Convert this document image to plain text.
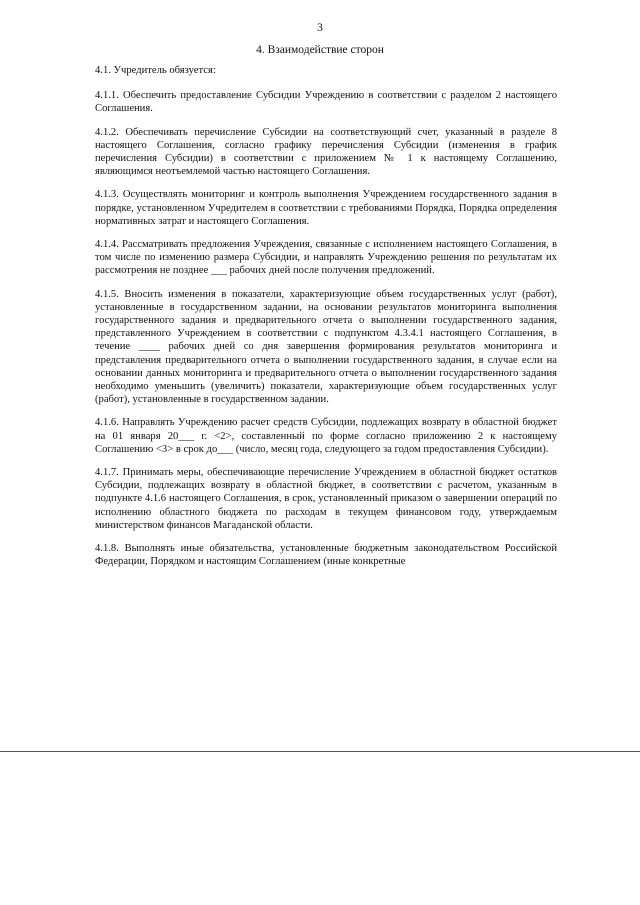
3
4. Взаимодействие сторон

4.1. Учредитель обязуется:

4.1.1. Обеспечить предоставление Субсидии Учреждению в соответствии с разделом 2 настоящего Соглашения.

4.1.2. Обеспечивать перечисление Субсидии на соответствующий счет, указанный в разделе 8 настоящего Соглашения, согласно графику перечисления Субсидии (изменения в график перечисления Субсидии) в соответствии с приложением № 1 к настоящему Соглашению, являющимся неотъемлемой частью настоящего Соглашения.

4.1.3. Осуществлять мониторинг и контроль выполнения Учреждением государственного задания в порядке, установленном Учредителем в соответствии с требованиями Порядка, Порядка определения нормативных затрат и настоящего Соглашения.

4.1.4. Рассматривать предложения Учреждения, связанные с исполнением настоящего Соглашения, в том числе по изменению размера Субсидии, и направлять Учреждению решения по результатам их рассмотрения не позднее ___ рабочих дней после получения предложений.

4.1.5. Вносить изменения в показатели, характеризующие объем государственных услуг (работ), установленные в государственном задании, на основании результатов мониторинга выполнения государственного задания и предварительного отчета о выполнении государственного задания, представленного Учреждением в соответствии с подпунктом 4.3.4.1 настоящего Соглашения, в течение ____ рабочих дней со дня завершения формирования результатов мониторинга и представления предварительного отчета о выполнении государственного задания, в случае если на основании данных мониторинга и предварительного отчета о выполнении государственного задания необходимо уменьшить (увеличить) показатели, характеризующие объем государственных услуг (работ), установленные в государственном задании.

4.1.6. Направлять Учреждению расчет средств Субсидии, подлежащих возврату в областной бюджет на 01 января 20___ г. <2>, составленный по форме согласно приложению 2 к настоящему Соглашению <3> в срок до___ (число, месяц года, следующего за годом предоставления Субсидии).

4.1.7. Принимать меры, обеспечивающие перечисление Учреждением в областной бюджет остатков Субсидии, подлежащих возврату в областной бюджет, в соответствии с расчетом, указанным в подпункте 4.1.6 настоящего Соглашения, в срок, установленный приказом о завершении операций по исполнению областного бюджета по расходам в текущем финансовом году, утверждаемым министерством финансов Магаданской области.

4.1.8. Выполнять иные обязательства, установленные бюджетным законодательством Российской Федерации, Порядком и настоящим Соглашением (иные конкретные
